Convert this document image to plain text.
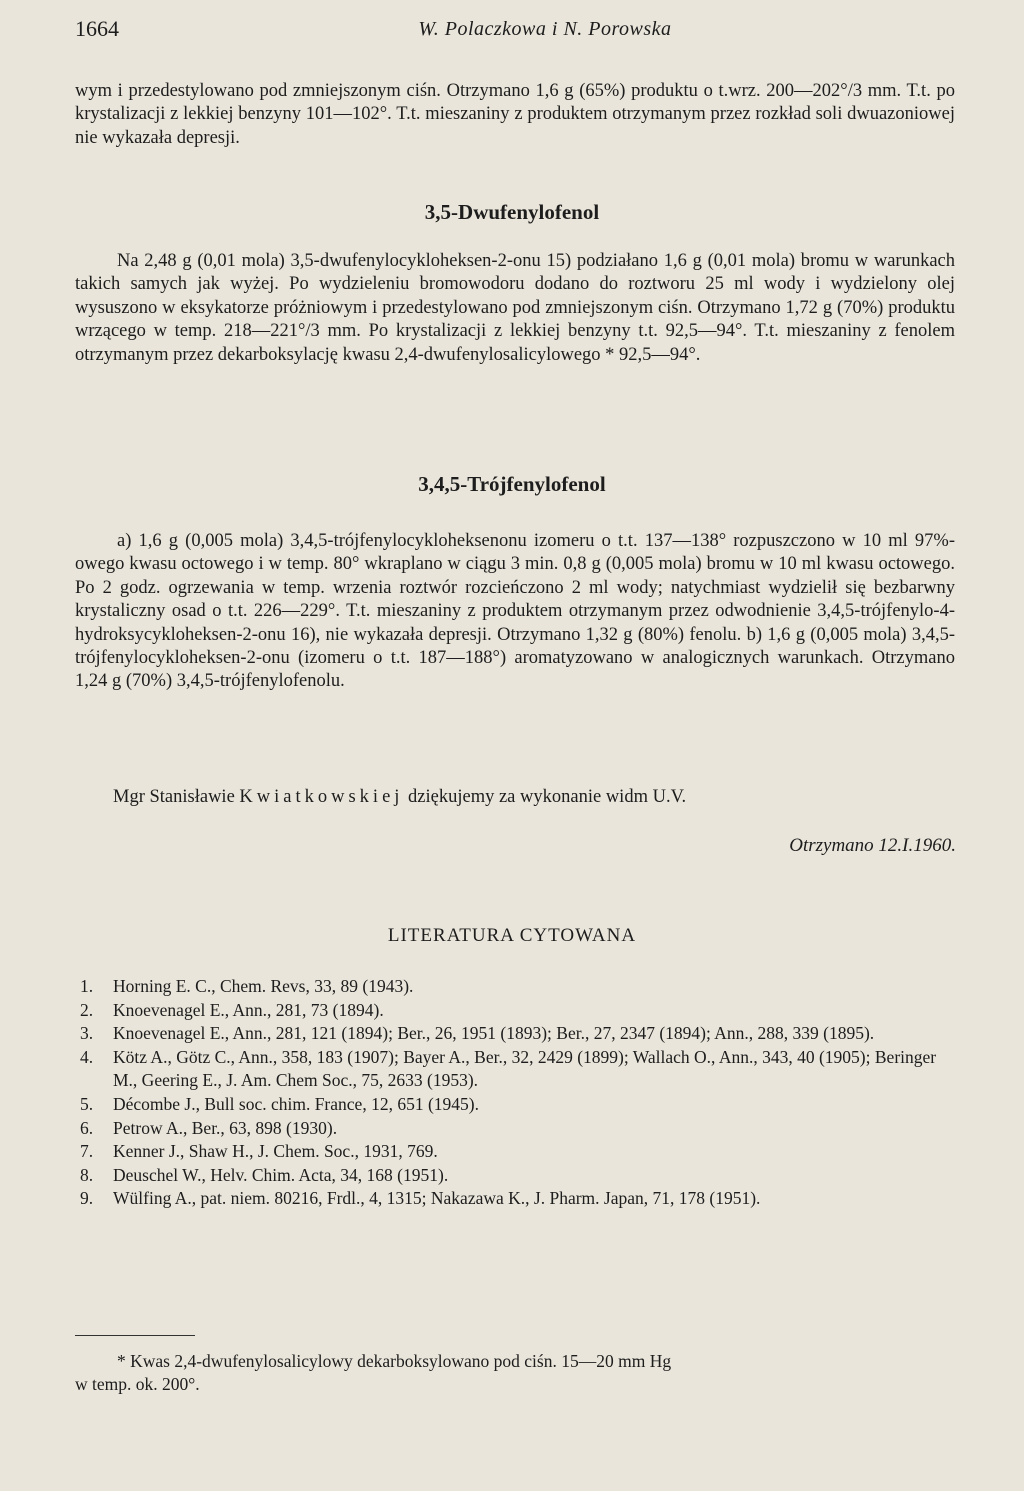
1664	W. Polaczkowa i N. Porowska
wym i przedestylowano pod zmniejszonym ciśn. Otrzymano 1,6 g (65%) produktu o t.wrz. 200—202°/3 mm. T.t. po krystalizacji z lekkiej benzyny 101—102°. T.t. mieszaniny z produktem otrzymanym przez rozkład soli dwuazoniowej nie wykazała depresji.
3,5-Dwufenylofenol
Na 2,48 g (0,01 mola) 3,5-dwufenylocykloheksen-2-onu 15) podziałano 1,6 g (0,01 mola) bromu w warunkach takich samych jak wyżej. Po wydzieleniu bromowodoru dodano do roztworu 25 ml wody i wydzielony olej wysuszono w eksykatorze próżniowym i przedestylowano pod zmniejszonym ciśn. Otrzymano 1,72 g (70%) produktu wrzącego w temp. 218—221°/3 mm. Po krystalizacji z lekkiej benzyny t.t. 92,5—94°. T.t. mieszaniny z fenolem otrzymanym przez dekarboksylację kwasu 2,4-dwufenylosalicylowego * 92,5—94°.
3,4,5-Trójfenylofenol
a) 1,6 g (0,005 mola) 3,4,5-trójfenylocykloheksenonu izomeru o t.t. 137—138° rozpuszczono w 10 ml 97%-owego kwasu octowego i w temp. 80° wkraplano w ciągu 3 min. 0,8 g (0,005 mola) bromu w 10 ml kwasu octowego. Po 2 godz. ogrzewania w temp. wrzenia roztwór rozcieńczono 2 ml wody; natychmiast wydzielił się bezbarwny krystaliczny osad o t.t. 226—229°. T.t. mieszaniny z produktem otrzymanym przez odwodnienie 3,4,5-trójfenylo-4-hydroksycykloheksen-2-onu 16), nie wykazała depresji. Otrzymano 1,32 g (80%) fenolu. b) 1,6 g (0,005 mola) 3,4,5-trójfenylocykloheksen-2-onu (izomeru o t.t. 187—188°) aromatyzowano w analogicznych warunkach. Otrzymano 1,24 g (70%) 3,4,5-trójfenylofenolu.
Mgr Stanisławie Kwiatkowskiej dziękujemy za wykonanie widm U.V.
Otrzymano 12.I.1960.
LITERATURA CYTOWANA
1. Horning E. C., Chem. Revs, 33, 89 (1943).
2. Knoevenagel E., Ann., 281, 73 (1894).
3. Knoevenagel E., Ann., 281, 121 (1894); Ber., 26, 1951 (1893); Ber., 27, 2347 (1894); Ann., 288, 339 (1895).
4. Kötz A., Götz C., Ann., 358, 183 (1907); Bayer A., Ber., 32, 2429 (1899); Wallach O., Ann., 343, 40 (1905); Beringer M., Geering E., J. Am. Chem Soc., 75, 2633 (1953).
5. Décombe J., Bull soc. chim. France, 12, 651 (1945).
6. Petrow A., Ber., 63, 898 (1930).
7. Kenner J., Shaw H., J. Chem. Soc., 1931, 769.
8. Deuschel W., Helv. Chim. Acta, 34, 168 (1951).
9. Wülfing A., pat. niem. 80216, Frdl., 4, 1315; Nakazawa K., J. Pharm. Japan, 71, 178 (1951).
* Kwas 2,4-dwufenylosalicylowy dekarboksylowano pod ciśn. 15—20 mm Hg
w temp. ok. 200°.
